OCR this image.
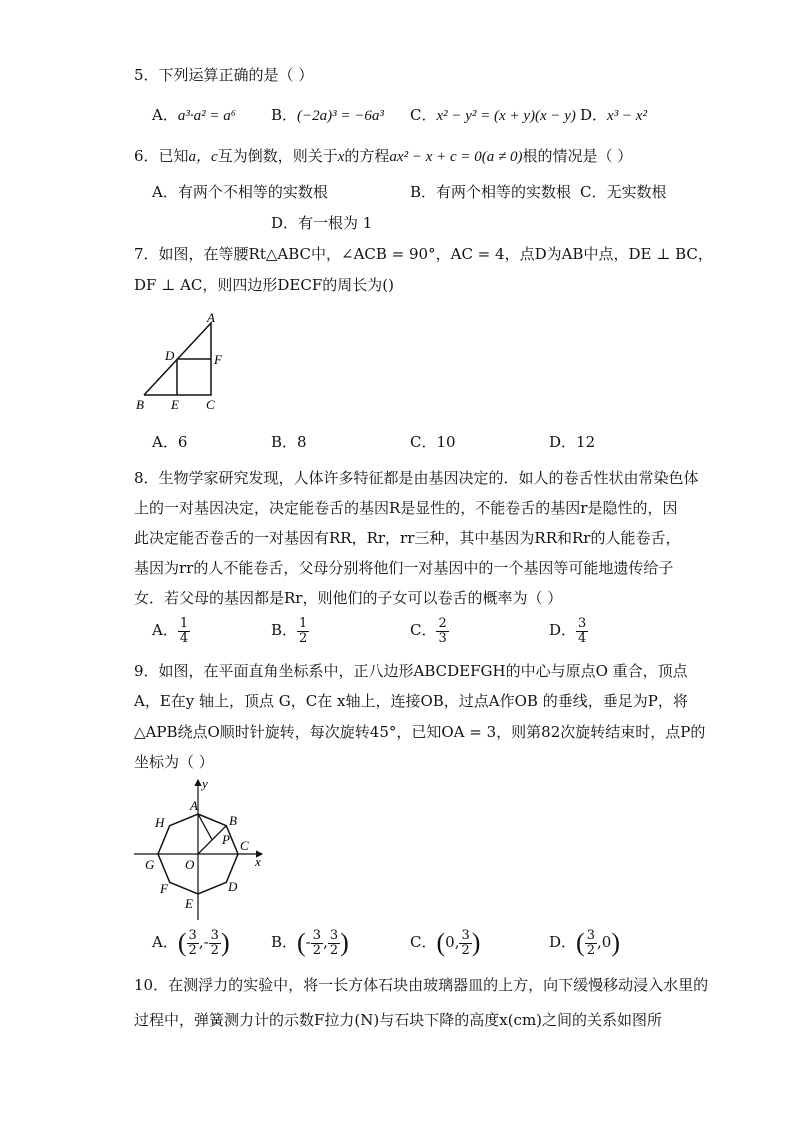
5．下列运算正确的是（ ）
A．a³·a² = a⁶ B．(−2a)³ = −6a³ C．x² − y² = (x + y)(x − y) D．x³ − x²
6．已知a，c互为倒数，则关于x的方程ax² − x + c = 0(a ≠ 0)根的情况是（ ）
A．有两个不相等的实数根	B．有两个相等的实数根 C．无实数根
D．有一根为 1
7．如图，在等腰Rt△ABC中，∠ACB = 90°，AC = 4，点D为AB中点，DE ⊥ BC，
DF ⊥ AC，则四边形DECF的周长为()
A
B	C
D
E
F
A．6	B．8	C．10	D．12
8．生物学家研究发现，人体许多特征都是由基因决定的．如人的卷舌性状由常染色体
上的一对基因决定，决定能卷舌的基因R是显性的，不能卷舌的基因r是隐性的，因
此决定能否卷舌的一对基因有RR，Rr，rr三种，其中基因为RR和Rr的人能卷舌，
基因为rr的人不能卷舌，父母分别将他们一对基因中的一个基因等可能地遗传给子
女．若父母的基因都是Rr，则他们的子女可以卷舌的概率为（ ）
A． $\frac{1}{4}$	B． $\frac{1}{2}$	C． $\frac{2}{3}$	D． $\frac{3}{4}$
9．如图，在平面直角坐标系中，正八边形ABCDEFGH的中心与原点O 重合，顶点
A，E在y 轴上，顶点 G，C在 x轴上，连接OB，过点A作OB 的垂线，垂足为P，将
△APB绕点O顺时针旋转，每次旋转45°，已知OA = 3，则第82次旋转结束时，点P的
坐标为（ ）
A
B
C
D
E
F
G
H
O
P
x
y
A．( $\frac{3}{2}$ ,- $\frac{3}{2}$ )	B．(- $\frac{3}{2}$ , $\frac{3}{2}$ )	C．(0, $\frac{3}{2}$ )	D．( $\frac{3}{2} ,0$)
10．在测浮力的实验中，将一长方体石块由玻璃器皿的上方，向下缓慢移动浸入水里的
过程中，弹簧测力计的示数F拉力(N)与石块下降的高度x(cm)之间的关系如图所
